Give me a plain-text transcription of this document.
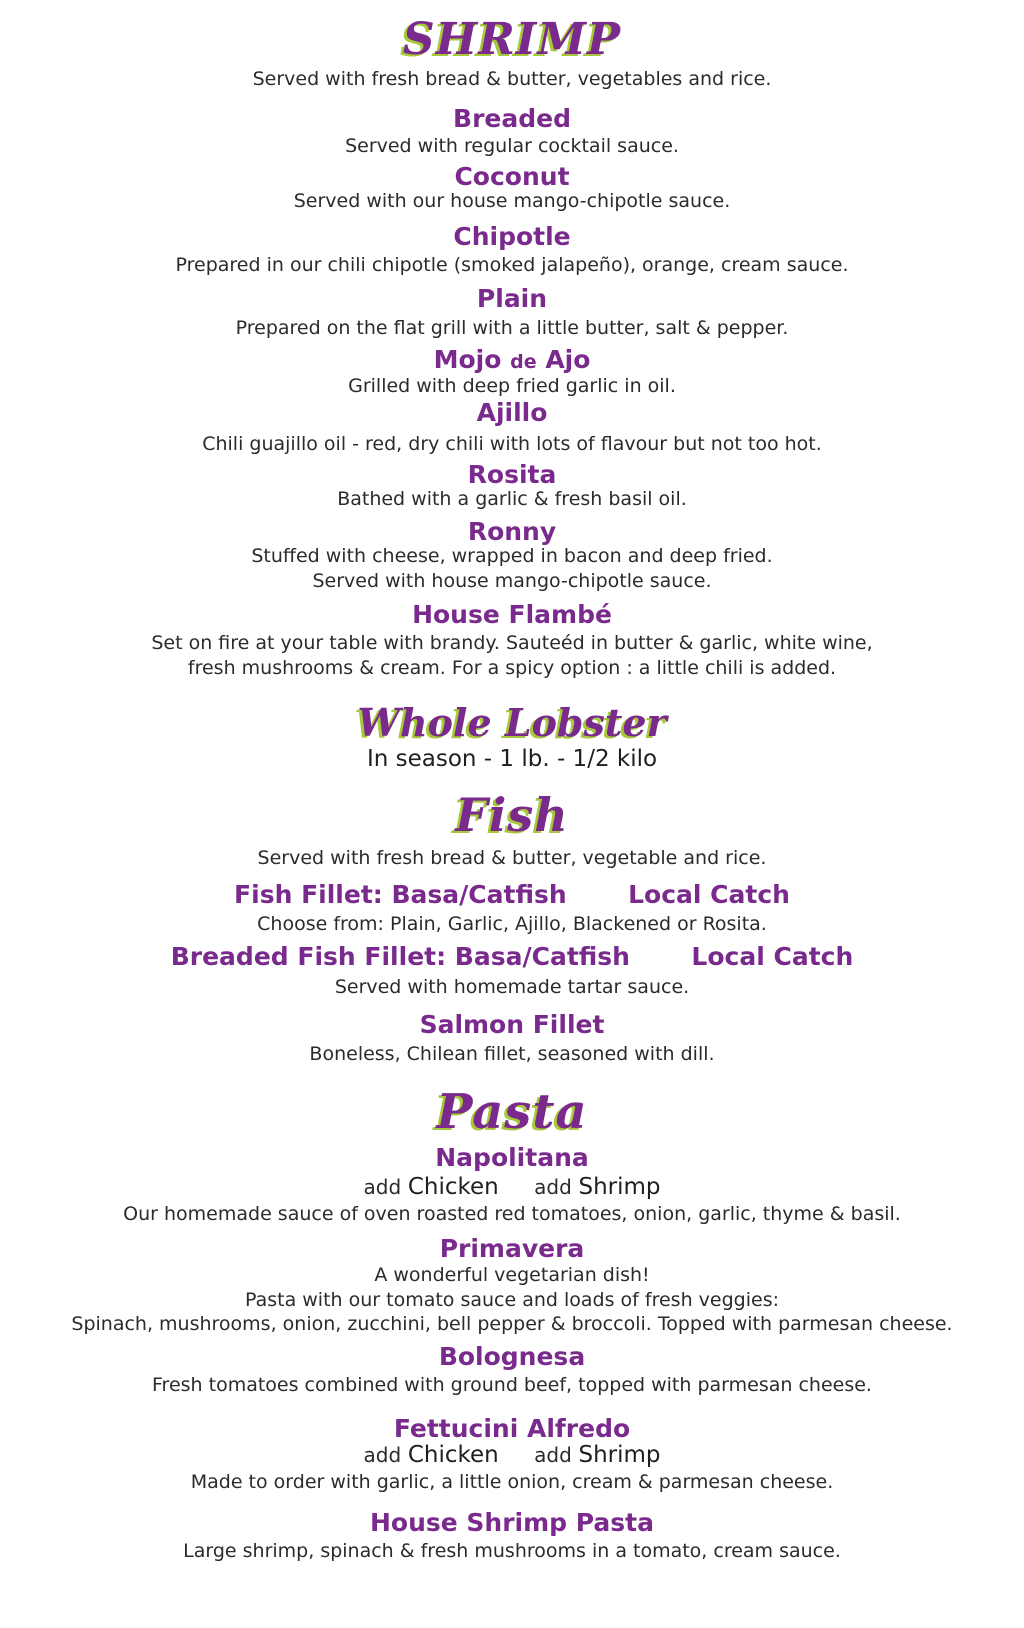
SHRIMP
Served with fresh bread & butter, vegetables and rice.
Breaded
Served with regular cocktail sauce.
Coconut
Served with our house mango-chipotle sauce.
Chipotle
Prepared in our chili chipotle (smoked jalapeño), orange, cream sauce.
Plain
Prepared on the flat grill with a little butter, salt & pepper.
Mojo de Ajo
Grilled with deep fried garlic in oil.
Ajillo
Chili guajillo oil - red, dry chili with lots of flavour but not too hot.
Rosita
Bathed with a garlic & fresh basil oil.
Ronny
Stuffed with cheese, wrapped in bacon and deep fried.
Served with house mango-chipotle sauce.
House Flambé
Set on fire at your table with brandy. Sauteéd in butter & garlic, white wine,
fresh mushrooms & cream. For a spicy option : a little chili is added.
Whole Lobster
In season - 1 lb. - 1/2 kilo
Fish
Served with fresh bread & butter, vegetable and rice.
Fish Fillet: Basa/Catfish Local Catch
Choose from: Plain, Garlic, Ajillo, Blackened or Rosita.
Breaded Fish Fillet: Basa/Catfish Local Catch
Served with homemade tartar sauce.
Salmon Fillet
Boneless, Chilean fillet, seasoned with dill.
Pasta
Napolitana
add Chicken add Shrimp
Our homemade sauce of oven roasted red tomatoes, onion, garlic, thyme & basil.
Primavera
A wonderful vegetarian dish!
Pasta with our tomato sauce and loads of fresh veggies:
Spinach, mushrooms, onion, zucchini, bell pepper & broccoli. Topped with parmesan cheese.
Bolognesa
Fresh tomatoes combined with ground beef, topped with parmesan cheese.
Fettucini Alfredo
add Chicken add Shrimp
Made to order with garlic, a little onion, cream & parmesan cheese.
House Shrimp Pasta
Large shrimp, spinach & fresh mushrooms in a tomato, cream sauce.
